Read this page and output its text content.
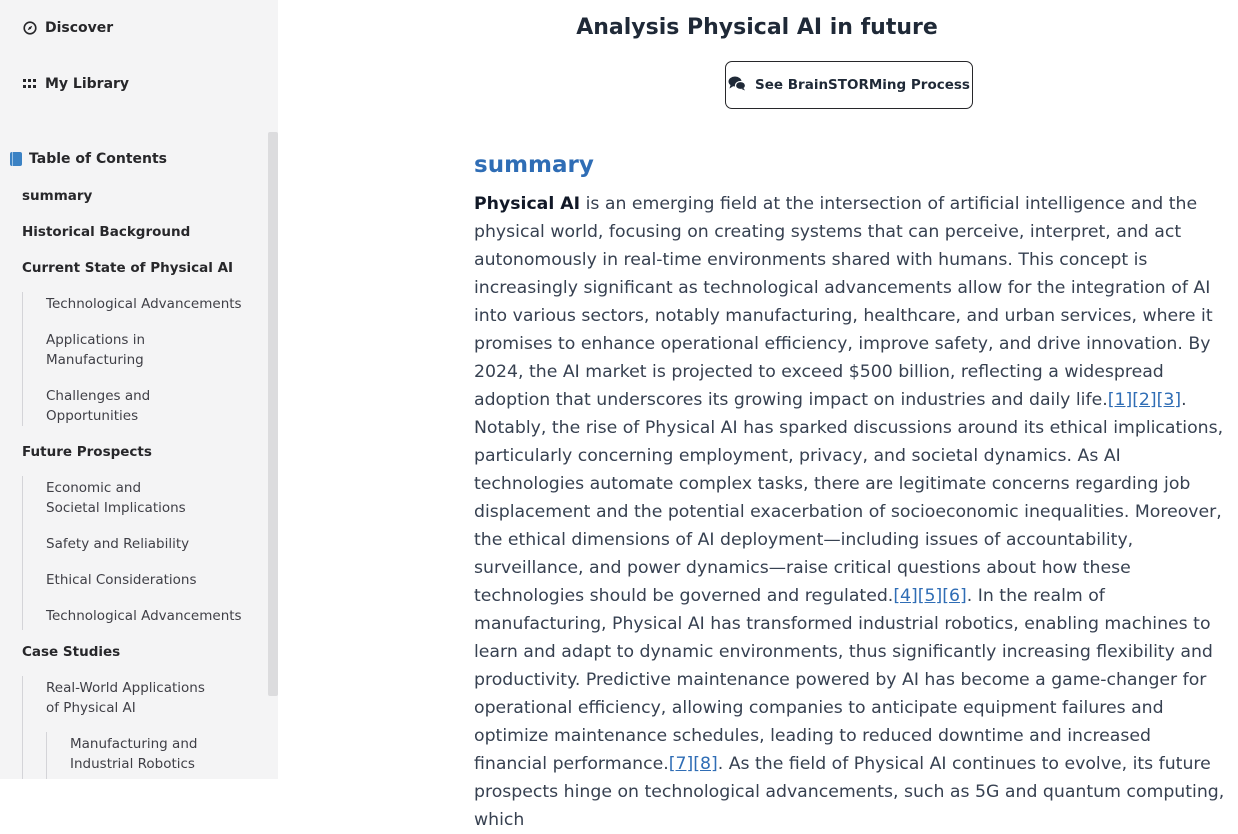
Discover
My Library
Table of Contents
summary
Historical Background
Current State of Physical AI
Technological Advancements
Applications in Manufacturing
Challenges and Opportunities
Future Prospects
Economic and Societal Implications
Safety and Reliability
Ethical Considerations
Technological Advancements
Case Studies
Real-World Applications of Physical AI
Manufacturing and Industrial Robotics
Analysis Physical AI in future
See BrainSTORMing Process
summary

Physical AI is an emerging field at the intersection of artificial intelligence and the physical world, focusing on creating systems that can perceive, interpret, and act autonomously in real-time environments shared with humans. This concept is increasingly significant as technological advancements allow for the integration of AI into various sectors, notably manufacturing, healthcare, and urban services, where it promises to enhance operational efficiency, improve safety, and drive innovation. By 2024, the AI market is projected to exceed $500 billion, reflecting a widespread adoption that underscores its growing impact on industries and daily life.[1][2][3]. Notably, the rise of Physical AI has sparked discussions around its ethical implications, particularly concerning employment, privacy, and societal dynamics. As AI technologies automate complex tasks, there are legitimate concerns regarding job displacement and the potential exacerbation of socioeconomic inequalities. Moreover, the ethical dimensions of AI deployment—including issues of accountability, surveillance, and power dynamics—raise critical questions about how these technologies should be governed and regulated.[4][5][6]. In the realm of manufacturing, Physical AI has transformed industrial robotics, enabling machines to learn and adapt to dynamic environments, thus significantly increasing flexibility and productivity. Predictive maintenance powered by AI has become a game-changer for operational efficiency, allowing companies to anticipate equipment failures and optimize maintenance schedules, leading to reduced downtime and increased financial performance.[7][8]. As the field of Physical AI continues to evolve, its future prospects hinge on technological advancements, such as 5G and quantum computing, which
